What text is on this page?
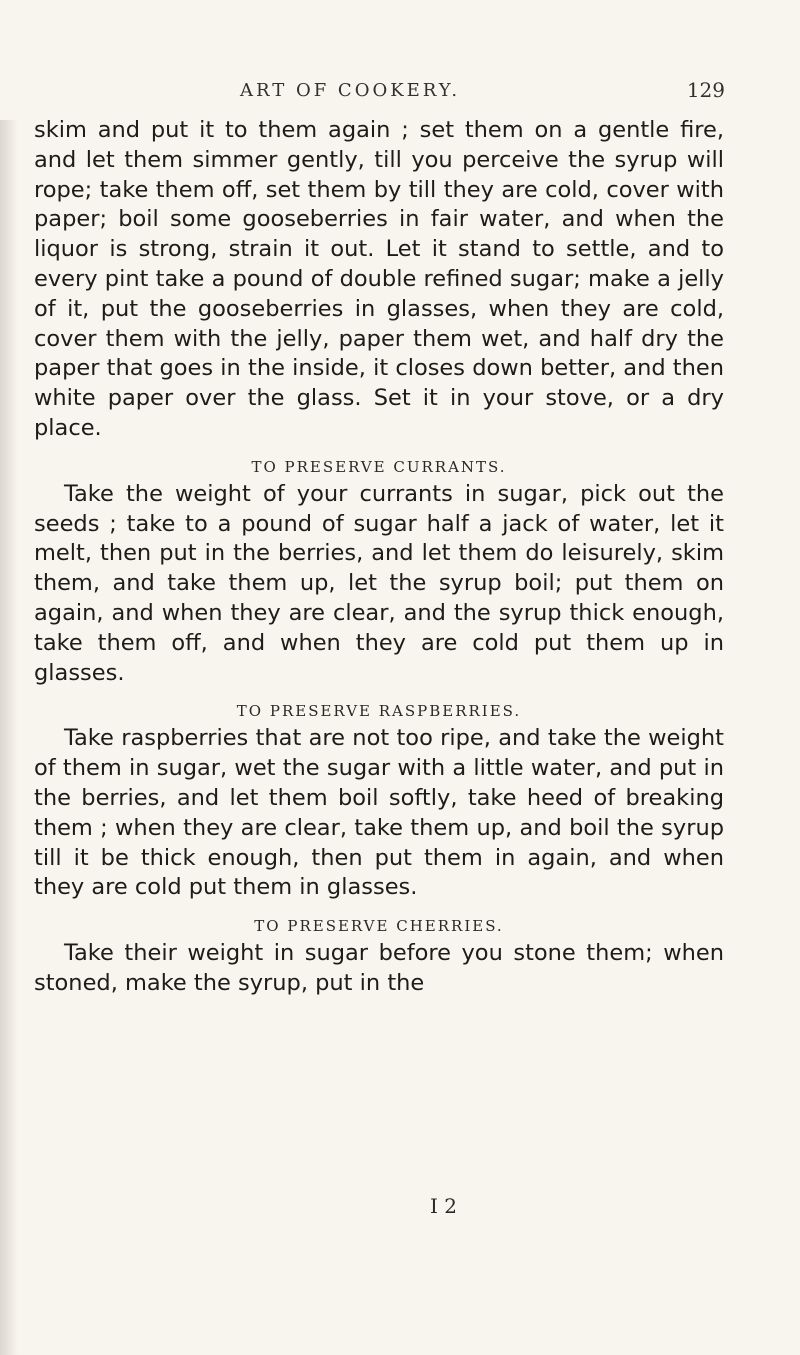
ART OF COOKERY.	129

skim and put it to them again ; set them on a gentle fire, and let them simmer gently, till you perceive the syrup will rope; take them off, set them by till they are cold, cover with paper; boil some gooseberries in fair water, and when the liquor is strong, strain it out. Let it stand to settle, and to every pint take a pound of double refined sugar; make a jelly of it, put the gooseberries in glasses, when they are cold, cover them with the jelly, paper them wet, and half dry the paper that goes in the inside, it closes down better, and then white paper over the glass. Set it in your stove, or a dry place.

TO PRESERVE CURRANTS.

Take the weight of your currants in sugar, pick out the seeds ; take to a pound of sugar half a jack of water, let it melt, then put in the berries, and let them do leisurely, skim them, and take them up, let the syrup boil; put them on again, and when they are clear, and the syrup thick enough, take them off, and when they are cold put them up in glasses.

TO PRESERVE RASPBERRIES.

Take raspberries that are not too ripe, and take the weight of them in sugar, wet the sugar with a little water, and put in the berries, and let them boil softly, take heed of breaking them ; when they are clear, take them up, and boil the syrup till it be thick enough, then put them in again, and when they are cold put them in glasses.

TO PRESERVE CHERRIES.

Take their weight in sugar before you stone them; when stoned, make the syrup, put in the

I 2
